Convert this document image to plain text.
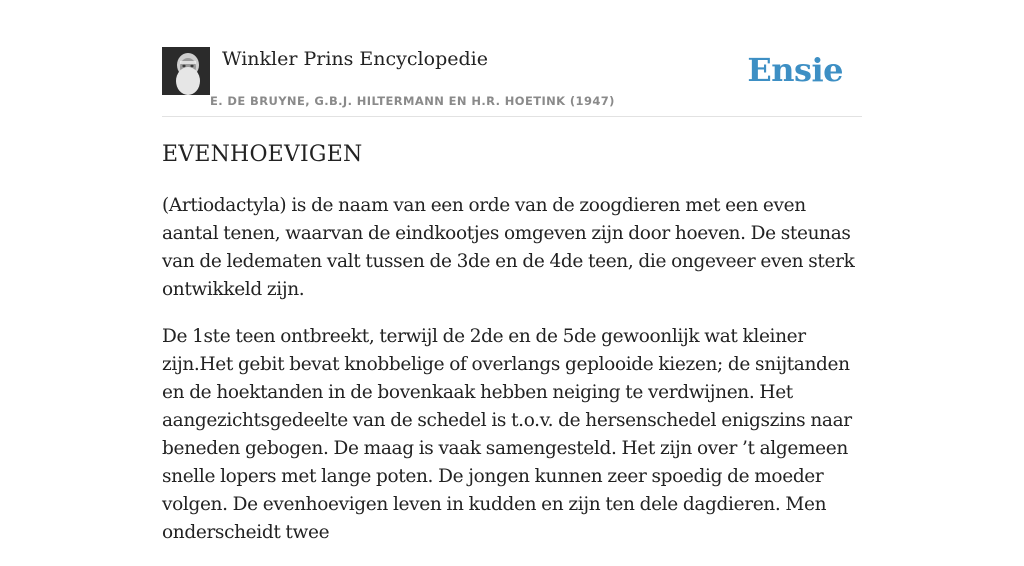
Winkler Prins Encyclopedie
E. DE BRUYNE, G.B.J. HILTERMANN EN H.R. HOETINK (1947)
Ensie
EVENHOEVIGEN

(Artiodactyla) is de naam van een orde van de zoogdieren met een even aantal tenen, waarvan de eindkootjes omgeven zijn door hoeven. De steunas van de ledematen valt tussen de 3de en de 4de teen, die ongeveer even sterk ontwikkeld zijn.

De 1ste teen ontbreekt, terwijl de 2de en de 5de gewoonlijk wat kleiner zijn.Het gebit bevat knobbelige of overlangs geplooide kiezen; de snijtanden en de hoektanden in de bovenkaak hebben neiging te verdwijnen. Het aangezichtsgedeelte van de schedel is t.o.v. de hersenschedel enigszins naar beneden gebogen. De maag is vaak samengesteld. Het zijn over ’t algemeen snelle lopers met lange poten. De jongen kunnen zeer spoedig de moeder volgen. De evenhoevigen leven in kudden en zijn ten dele dagdieren. Men onderscheidt twee
